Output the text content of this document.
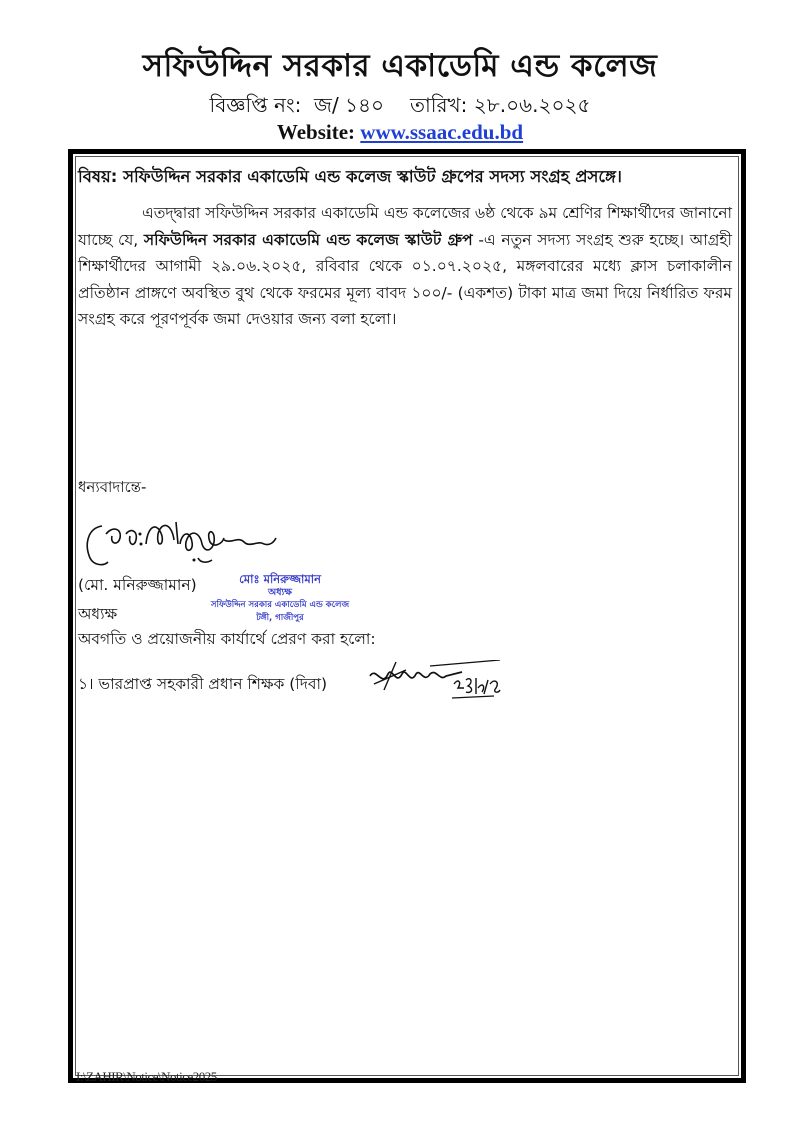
সফিউদ্দিন সরকার একাডেমি এন্ড কলেজ
বিজ্ঞপ্তি নং: জ/ ১৪০ তারিখ: ২৮.০৬.২০২৫
Website: www.ssaac.edu.bd

বিষয়: সফিউদ্দিন সরকার একাডেমি এন্ড কলেজ স্কাউট গ্রুপের সদস্য সংগ্রহ প্রসঙ্গে।

এতদ্দ্বারা সফিউদ্দিন সরকার একাডেমি এন্ড কলেজের ৬ষ্ঠ থেকে ৯ম শ্রেণির শিক্ষার্থীদের জানানো যাচ্ছে যে, সফিউদ্দিন সরকার একাডেমি এন্ড কলেজ স্কাউট গ্রুপ -এ নতুন সদস্য সংগ্রহ শুরু হচ্ছে। আগ্রহী শিক্ষার্থীদের আগামী ২৯.০৬.২০২৫, রবিবার থেকে ০১.০৭.২০২৫, মঙ্গলবারের মধ্যে ক্লাস চলাকালীন প্রতিষ্ঠান প্রাঙ্গণে অবস্থিত বুথ থেকে ফরমের মূল্য বাবদ ১০০/- (একশত) টাকা মাত্র জমা দিয়ে নির্ধারিত ফরম সংগ্রহ করে পূরণপূর্বক জমা দেওয়ার জন্য বলা হলো।

ধন্যবাদান্তে-
(মো. মনিরুজ্জামান)	মোঃ মনিরুজ্জামান
অধ্যক্ষ
সফিউদ্দিন সরকার একাডেমি এন্ড কলেজ
টঙ্গী, গাজীপুর
অধ্যক্ষ
অবগতি ও প্রয়োজনীয় কার্যার্থে প্রেরণ করা হলো:
১। ভারপ্রাপ্ত সহকারী প্রধান শিক্ষক (দিবা)
I:\ZAHIR\Notice\Notice2025
